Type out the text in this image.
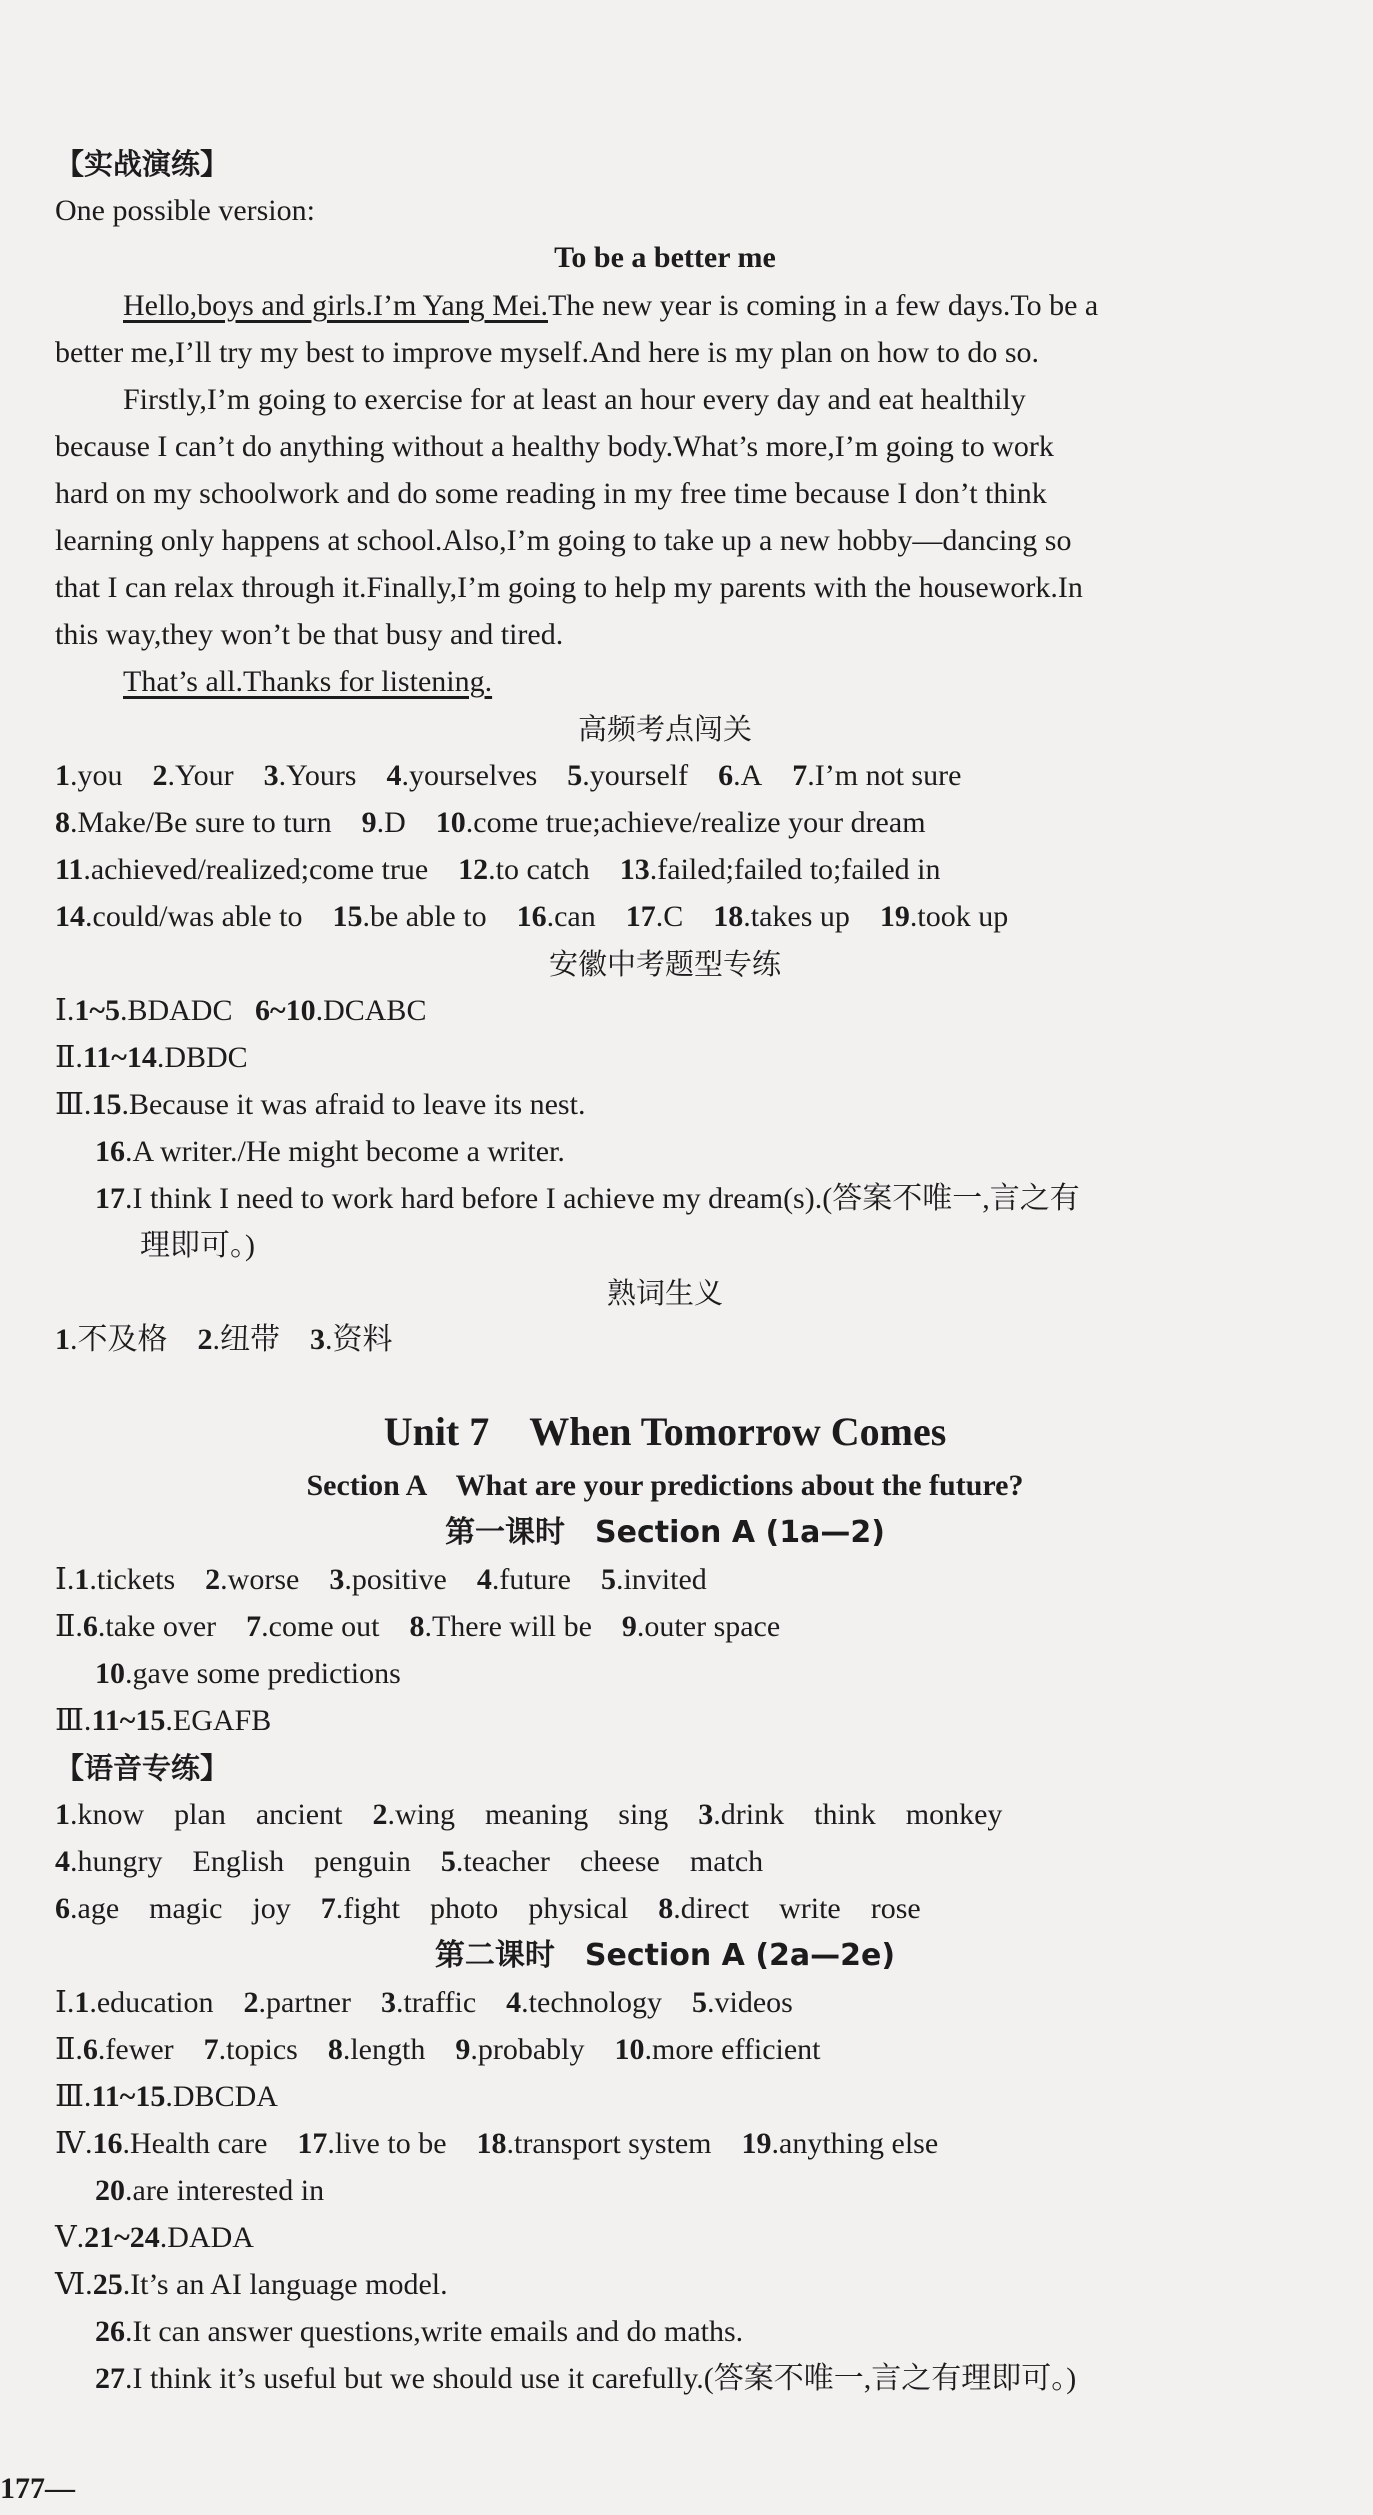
【实战演练】
One possible version:
To be a better me
Hello,boys and girls.I’m Yang Mei.The new year is coming in a few days.To be a
better me,I’ll try my best to improve myself.And here is my plan on how to do so.
Firstly,I’m going to exercise for at least an hour every day and eat healthily
because I can’t do anything without a healthy body.What’s more,I’m going to work
hard on my schoolwork and do some reading in my free time because I don’t think
learning only happens at school.Also,I’m going to take up a new hobby—dancing so
that I can relax through it.Finally,I’m going to help my parents with the housework.In
this way,they won’t be that busy and tired.
That’s all.Thanks for listening.
高频考点闯关
1.you 2.Your 3.Yours 4.yourselves 5.yourself 6.A 7.I’m not sure
8.Make/Be sure to turn 9.D 10.come true;achieve/realize your dream
11.achieved/realized;come true 12.to catch 13.failed;failed to;failed in
14.could/was able to 15.be able to 16.can 17.C 18.takes up 19.took up
安徽中考题型专练
Ⅰ.1~5.BDADC 6~10.DCABC
Ⅱ.11~14.DBDC
Ⅲ.15.Because it was afraid to leave its nest.
16.A writer./He might become a writer.
17.I think I need to work hard before I achieve my dream(s).(答案不唯一,言之有
理即可。)
熟词生义
1.不及格 2.纽带 3.资料
Unit 7　When Tomorrow Comes
Section A　What are your predictions about the future?
第一课时　Section A (1a—2)
Ⅰ.1.tickets 2.worse 3.positive 4.future 5.invited
Ⅱ.6.take over 7.come out 8.There will be 9.outer space
10.gave some predictions
Ⅲ.11~15.EGAFB
【语音专练】
1.know plan ancient 2.wing meaning sing 3.drink think monkey
4.hungry English penguin 5.teacher cheese match
6.age magic joy 7.fight photo physical 8.direct write rose
第二课时　Section A (2a—2e)
Ⅰ.1.education 2.partner 3.traffic 4.technology 5.videos
Ⅱ.6.fewer 7.topics 8.length 9.probably 10.more efficient
Ⅲ.11~15.DBCDA
Ⅳ.16.Health care 17.live to be 18.transport system 19.anything else
20.are interested in
Ⅴ.21~24.DADA
Ⅵ.25.It’s an AI language model.
26.It can answer questions,write emails and do maths.
27.I think it’s useful but we should use it carefully.(答案不唯一,言之有理即可。)
177—
